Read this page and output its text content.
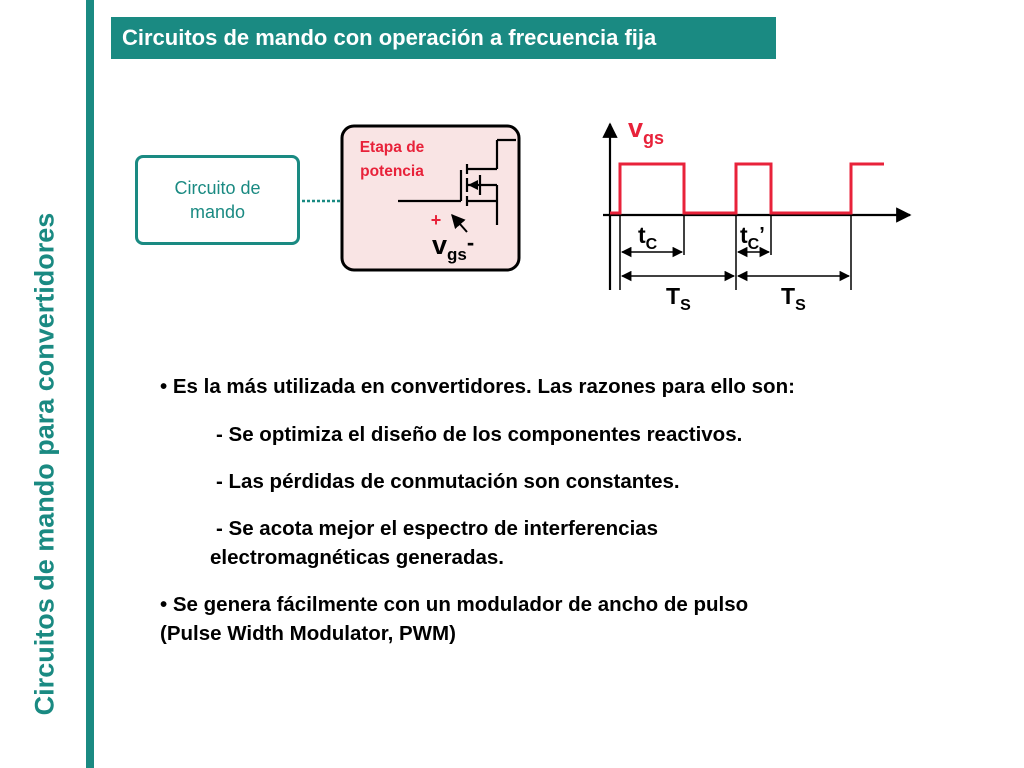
Circuitos de mando para convertidores
Circuitos de mando con operación a frecuencia fija
Etapa de
potencia
+
$v_{gs}^-$
$v_{gs}$
$t_C$	$t_C$’
$T_S$	$T_S$
Circuito de
mando

• Es la más utilizada en convertidores. Las razones para ello son:

- Se optimiza el diseño de los componentes reactivos.

- Las pérdidas de conmutación son constantes.

- Se acota mejor el espectro de interferencias
electromagnéticas generadas.

• Se genera fácilmente con un modulador de ancho de pulso
(Pulse Width Modulator, PWM)
